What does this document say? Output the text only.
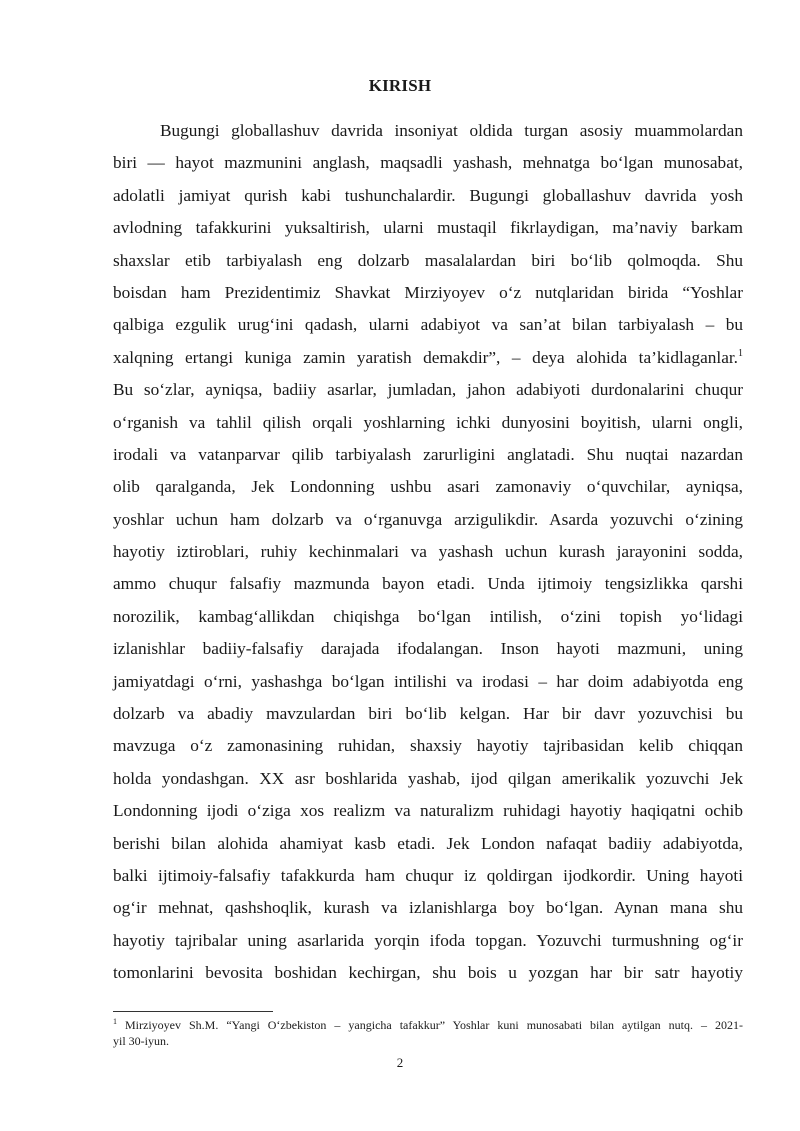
KIRISH
Bugungi globallashuv davrida insoniyat oldida turgan asosiy muammolardan
biri — hayot mazmunini anglash, maqsadli yashash, mehnatga bo‘lgan munosabat,
adolatli jamiyat qurish kabi tushunchalardir. Bugungi globallashuv davrida yosh
avlodning tafakkurini yuksaltirish, ularni mustaqil fikrlaydigan, ma’naviy barkam
shaxslar etib tarbiyalash eng dolzarb masalalardan biri bo‘lib qolmoqda. Shu
boisdan ham Prezidentimiz Shavkat Mirziyoyev o‘z nutqlaridan birida “Yoshlar
qalbiga ezgulik urug‘ini qadash, ularni adabiyot va san’at bilan tarbiyalash – bu
xalqning ertangi kuniga zamin yaratish demakdir”, – deya alohida ta’kidlaganlar.$^1$
Bu so‘zlar, ayniqsa, badiiy asarlar, jumladan, jahon adabiyoti durdonalarini chuqur
o‘rganish va tahlil qilish orqali yoshlarning ichki dunyosini boyitish, ularni ongli,
irodali va vatanparvar qilib tarbiyalash zarurligini anglatadi. Shu nuqtai nazardan
olib qaralganda, Jek Londonning ushbu asari zamonaviy o‘quvchilar, ayniqsa,
yoshlar uchun ham dolzarb va o‘rganuvga arzigulikdir. Asarda yozuvchi o‘zining
hayotiy iztiroblari, ruhiy kechinmalari va yashash uchun kurash jarayonini sodda,
ammo chuqur falsafiy mazmunda bayon etadi. Unda ijtimoiy tengsizlikka qarshi
norozilik, kambag‘allikdan chiqishga bo‘lgan intilish, o‘zini topish yo‘lidagi
izlanishlar badiiy-falsafiy darajada ifodalangan. Inson hayoti mazmuni, uning
jamiyatdagi o‘rni, yashashga bo‘lgan intilishi va irodasi – har doim adabiyotda eng
dolzarb va abadiy mavzulardan biri bo‘lib kelgan. Har bir davr yozuvchisi bu
mavzuga o‘z zamonasining ruhidan, shaxsiy hayotiy tajribasidan kelib chiqqan
holda yondashgan. XX asr boshlarida yashab, ijod qilgan amerikalik yozuvchi Jek
Londonning ijodi o‘ziga xos realizm va naturalizm ruhidagi hayotiy haqiqatni ochib
berishi bilan alohida ahamiyat kasb etadi. Jek London nafaqat badiiy adabiyotda,
balki ijtimoiy-falsafiy tafakkurda ham chuqur iz qoldirgan ijodkordir. Uning hayoti
og‘ir mehnat, qashshoqlik, kurash va izlanishlarga boy bo‘lgan. Aynan mana shu
hayotiy tajribalar uning asarlarida yorqin ifoda topgan. Yozuvchi turmushning og‘ir
tomonlarini bevosita boshidan kechirgan, shu bois u yozgan har bir satr hayotiy
$^1$ Mirziyoyev Sh.M. “Yangi O‘zbekiston – yangicha tafakkur” Yoshlar kuni munosabati bilan aytilgan nutq. – 2021-
yil 30-iyun.
2
